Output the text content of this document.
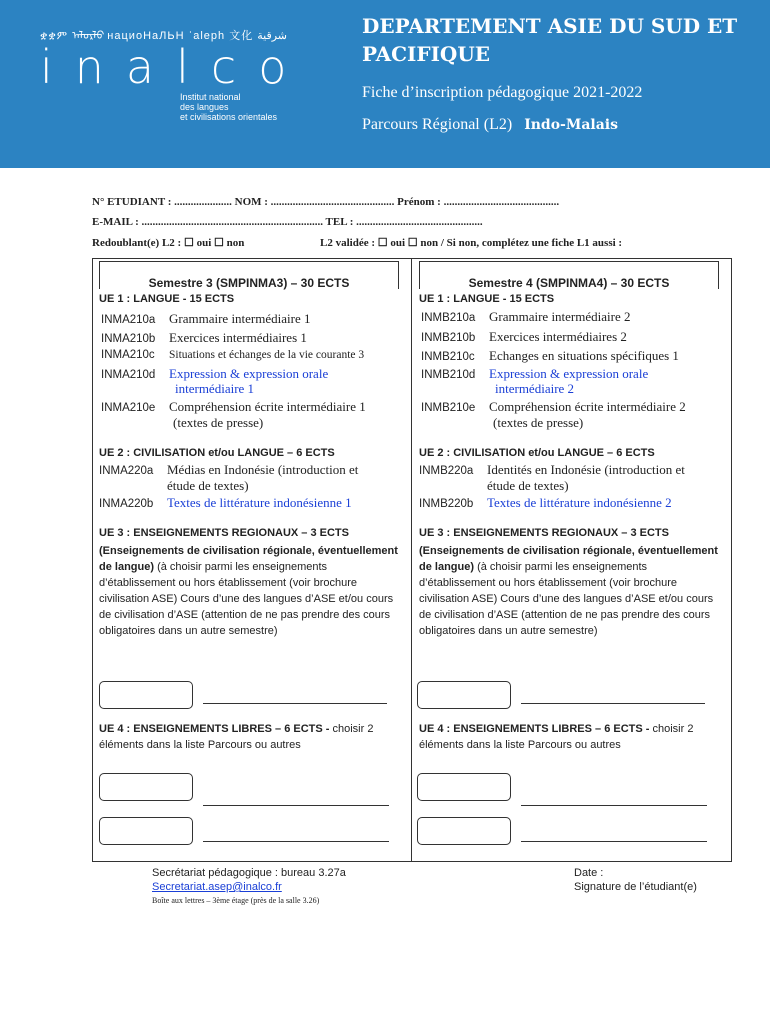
ቋቋም ᠠᠯᠤᠷᠯᠤ нациоНаЛЬН ʾaleph 文化 شرقية
inalco
Institut national
des langues
et civilisations orientales
DEPARTEMENT ASIE DU SUD ET PACIFIQUE
Fiche d’inscription pédagogique 2021-2022
Parcours Régional (L2) Indo-Malais
N° ETUDIANT : ..................... NOM : ............................................. Prénom : ..........................................
E-MAIL : .................................................................. TEL : ..............................................
Redoublant(e) L2 : ☐ oui ☐ non	L2 validée : ☐ oui ☐ non / Si non, complétez une fiche L1 aussi :
Semestre 3 (SMPINMA3) – 30 ECTS
UE 1 : LANGUE - 15 ECTS
INMA210a Grammaire intermédiaire 1
INMA210b Exercices intermédiaires 1
INMA210c Situations et échanges de la vie courante 3
INMA210d Expression & expression orale
intermédiaire 1
INMA210e Compréhension écrite intermédiaire 1
(textes de presse)
UE 2 : CIVILISATION et/ou LANGUE – 6 ECTS
INMA220a Médias en Indonésie (introduction et
étude de textes)
INMA220b Textes de littérature indonésienne 1
UE 3 : ENSEIGNEMENTS REGIONAUX – 3 ECTS
(Enseignements de civilisation régionale, éventuellement de langue) (à choisir parmi les enseignements d’établissement ou hors établissement (voir brochure civilisation ASE) Cours d’une des langues d’ASE et/ou cours de civilisation d’ASE (attention de ne pas prendre des cours obligatoires dans un autre semestre)
UE 4 : ENSEIGNEMENTS LIBRES – 6 ECTS - choisir 2 éléments dans la liste Parcours ou autres
Semestre 4 (SMPINMA4) – 30 ECTS
UE 1 : LANGUE - 15 ECTS
INMB210a Grammaire intermédiaire 2
INMB210b Exercices intermédiaires 2
INMB210c Echanges en situations spécifiques 1
INMB210d Expression & expression orale
intermédiaire 2
INMB210e Compréhension écrite intermédiaire 2
(textes de presse)
UE 2 : CIVILISATION et/ou LANGUE – 6 ECTS
INMB220a Identités en Indonésie (introduction et
étude de textes)
INMB220b Textes de littérature indonésienne 2
UE 3 : ENSEIGNEMENTS REGIONAUX – 3 ECTS
(Enseignements de civilisation régionale, éventuellement de langue) (à choisir parmi les enseignements d’établissement ou hors établissement (voir brochure civilisation ASE) Cours d’une des langues d’ASE et/ou cours de civilisation d’ASE (attention de ne pas prendre des cours obligatoires dans un autre semestre)
UE 4 : ENSEIGNEMENTS LIBRES – 6 ECTS - choisir 2 éléments dans la liste Parcours ou autres
Secrétariat pédagogique : bureau 3.27a
Secretariat.asep@inalco.fr
Boîte aux lettres – 3ème étage (près de la salle 3.26)
Date :
Signature de l’étudiant(e)
